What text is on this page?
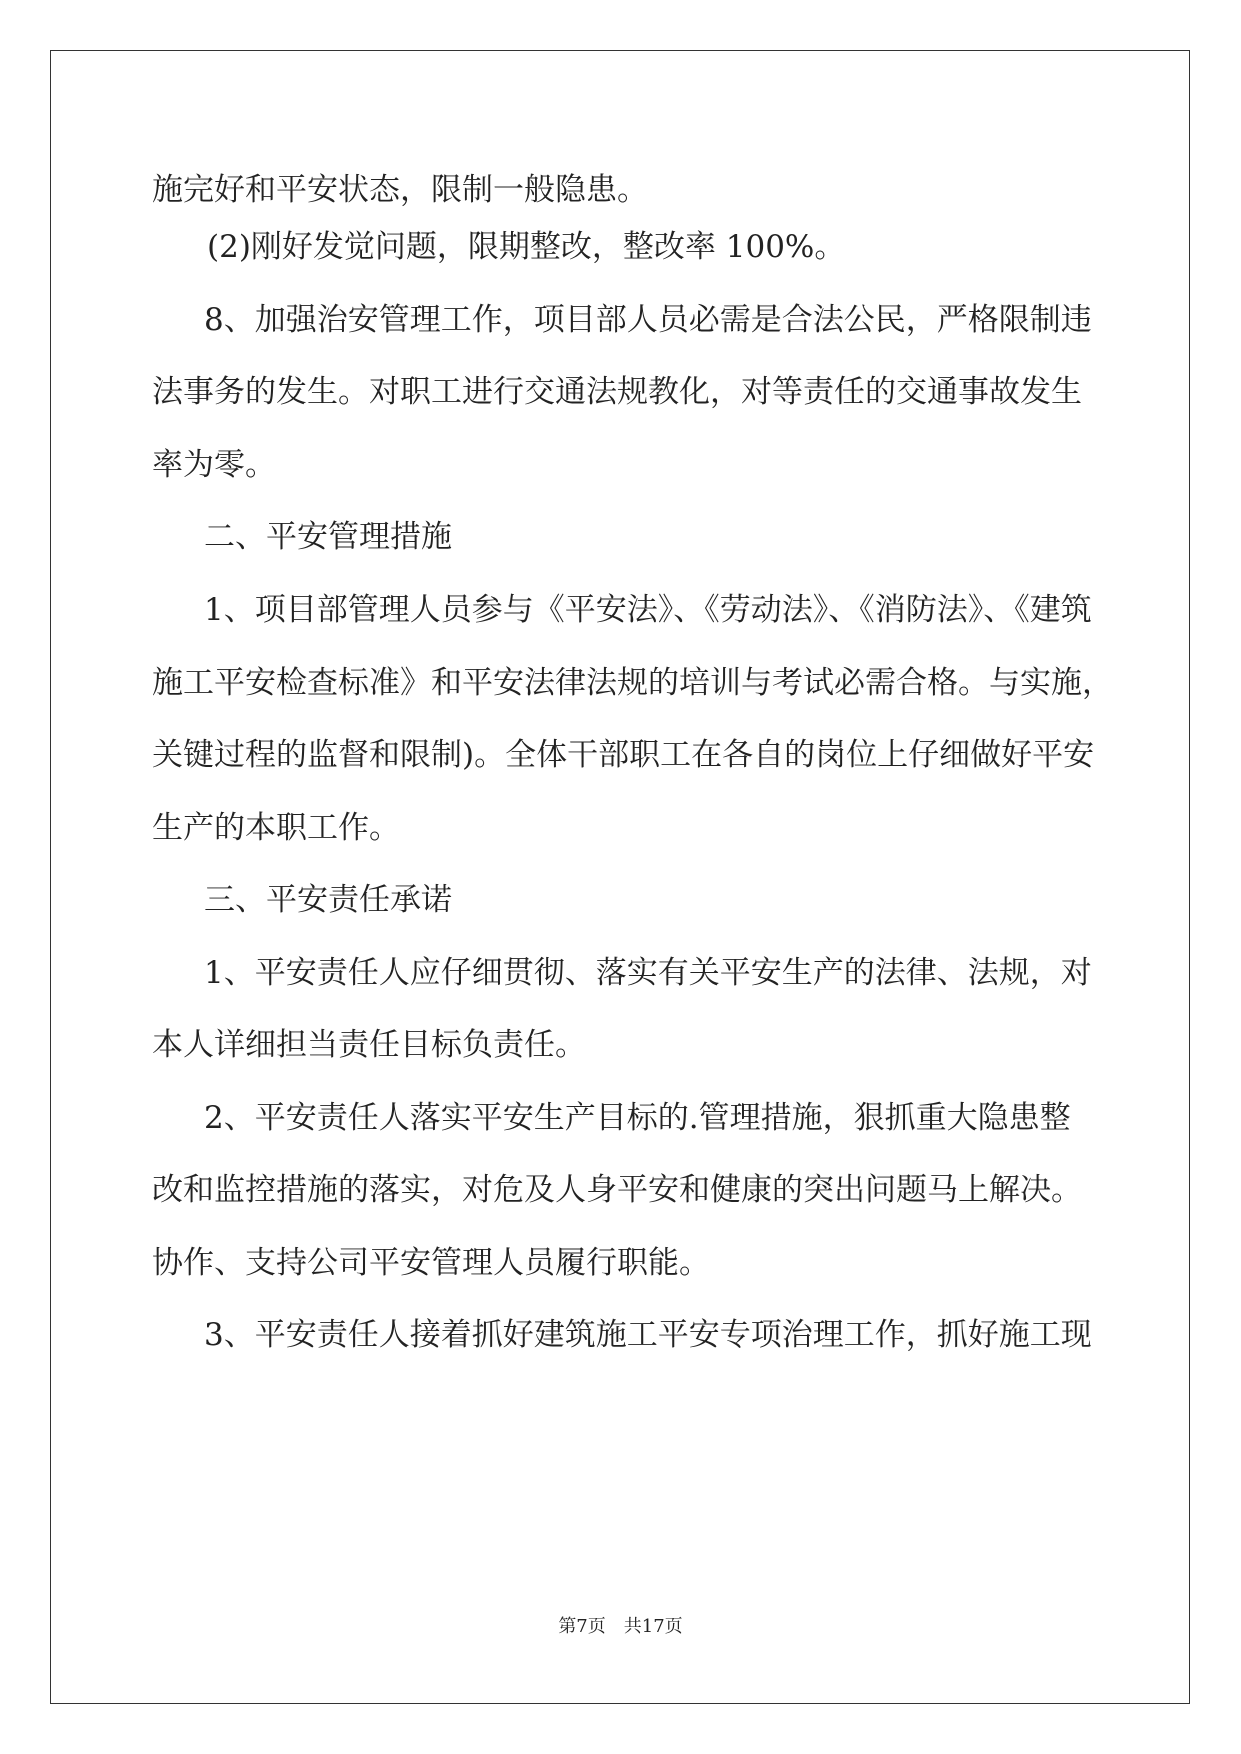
施完好和平安状态，限制一般隐患。
(2)刚好发觉问题，限期整改，整改率 100%。
8、加强治安管理工作，项目部人员必需是合法公民，严格限制违
法事务的发生。对职工进行交通法规教化，对等责任的交通事故发生
率为零。
二、平安管理措施
1、项目部管理人员参与《平安法》、《劳动法》、《消防法》、《建筑
施工平安检查标准》和平安法律法规的培训与考试必需合格。与实施，
关键过程的监督和限制)。全体干部职工在各自的岗位上仔细做好平安
生产的本职工作。
三、平安责任承诺
1、平安责任人应仔细贯彻、落实有关平安生产的法律、法规，对
本人详细担当责任目标负责任。
2、平安责任人落实平安生产目标的.管理措施，狠抓重大隐患整
改和监控措施的落实，对危及人身平安和健康的突出问题马上解决。
协作、支持公司平安管理人员履行职能。
3、平安责任人接着抓好建筑施工平安专项治理工作，抓好施工现
第7页　共17页
